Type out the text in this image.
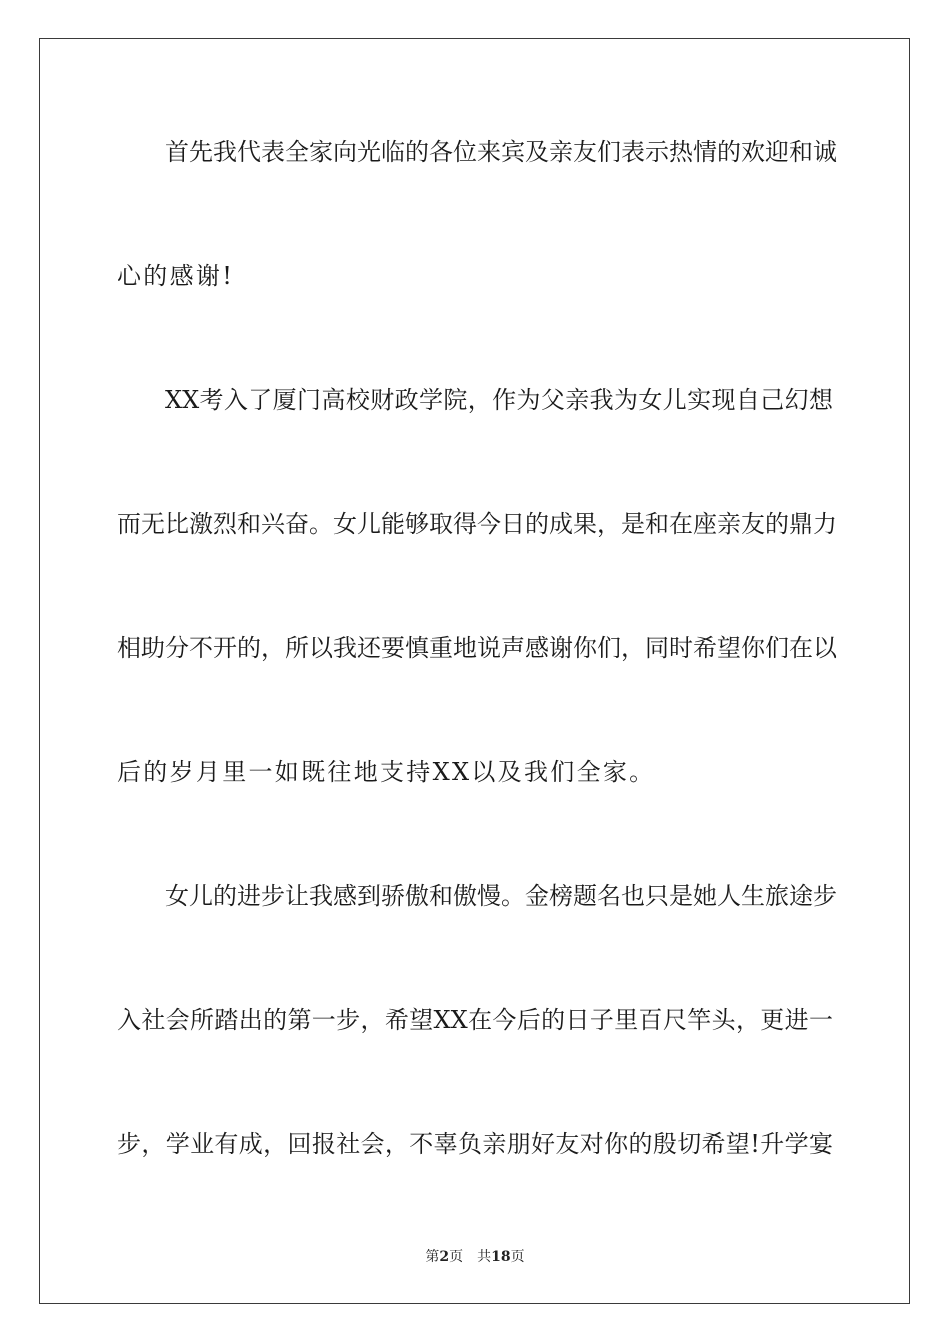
首先我代表全家向光临的各位来宾及亲友们表示热情的欢迎和诚
心的感谢!
XX考入了厦门高校财政学院，作为父亲我为女儿实现自己幻想
而无比激烈和兴奋。女儿能够取得今日的成果，是和在座亲友的鼎力
相助分不开的，所以我还要慎重地说声感谢你们，同时希望你们在以
后的岁月里一如既往地支持XX以及我们全家。
女儿的进步让我感到骄傲和傲慢。金榜题名也只是她人生旅途步
入社会所踏出的第一步，希望XX在今后的日子里百尺竿头，更进一
步，学业有成，回报社会，不辜负亲朋好友对你的殷切希望!升学宴
第2页 共18页
